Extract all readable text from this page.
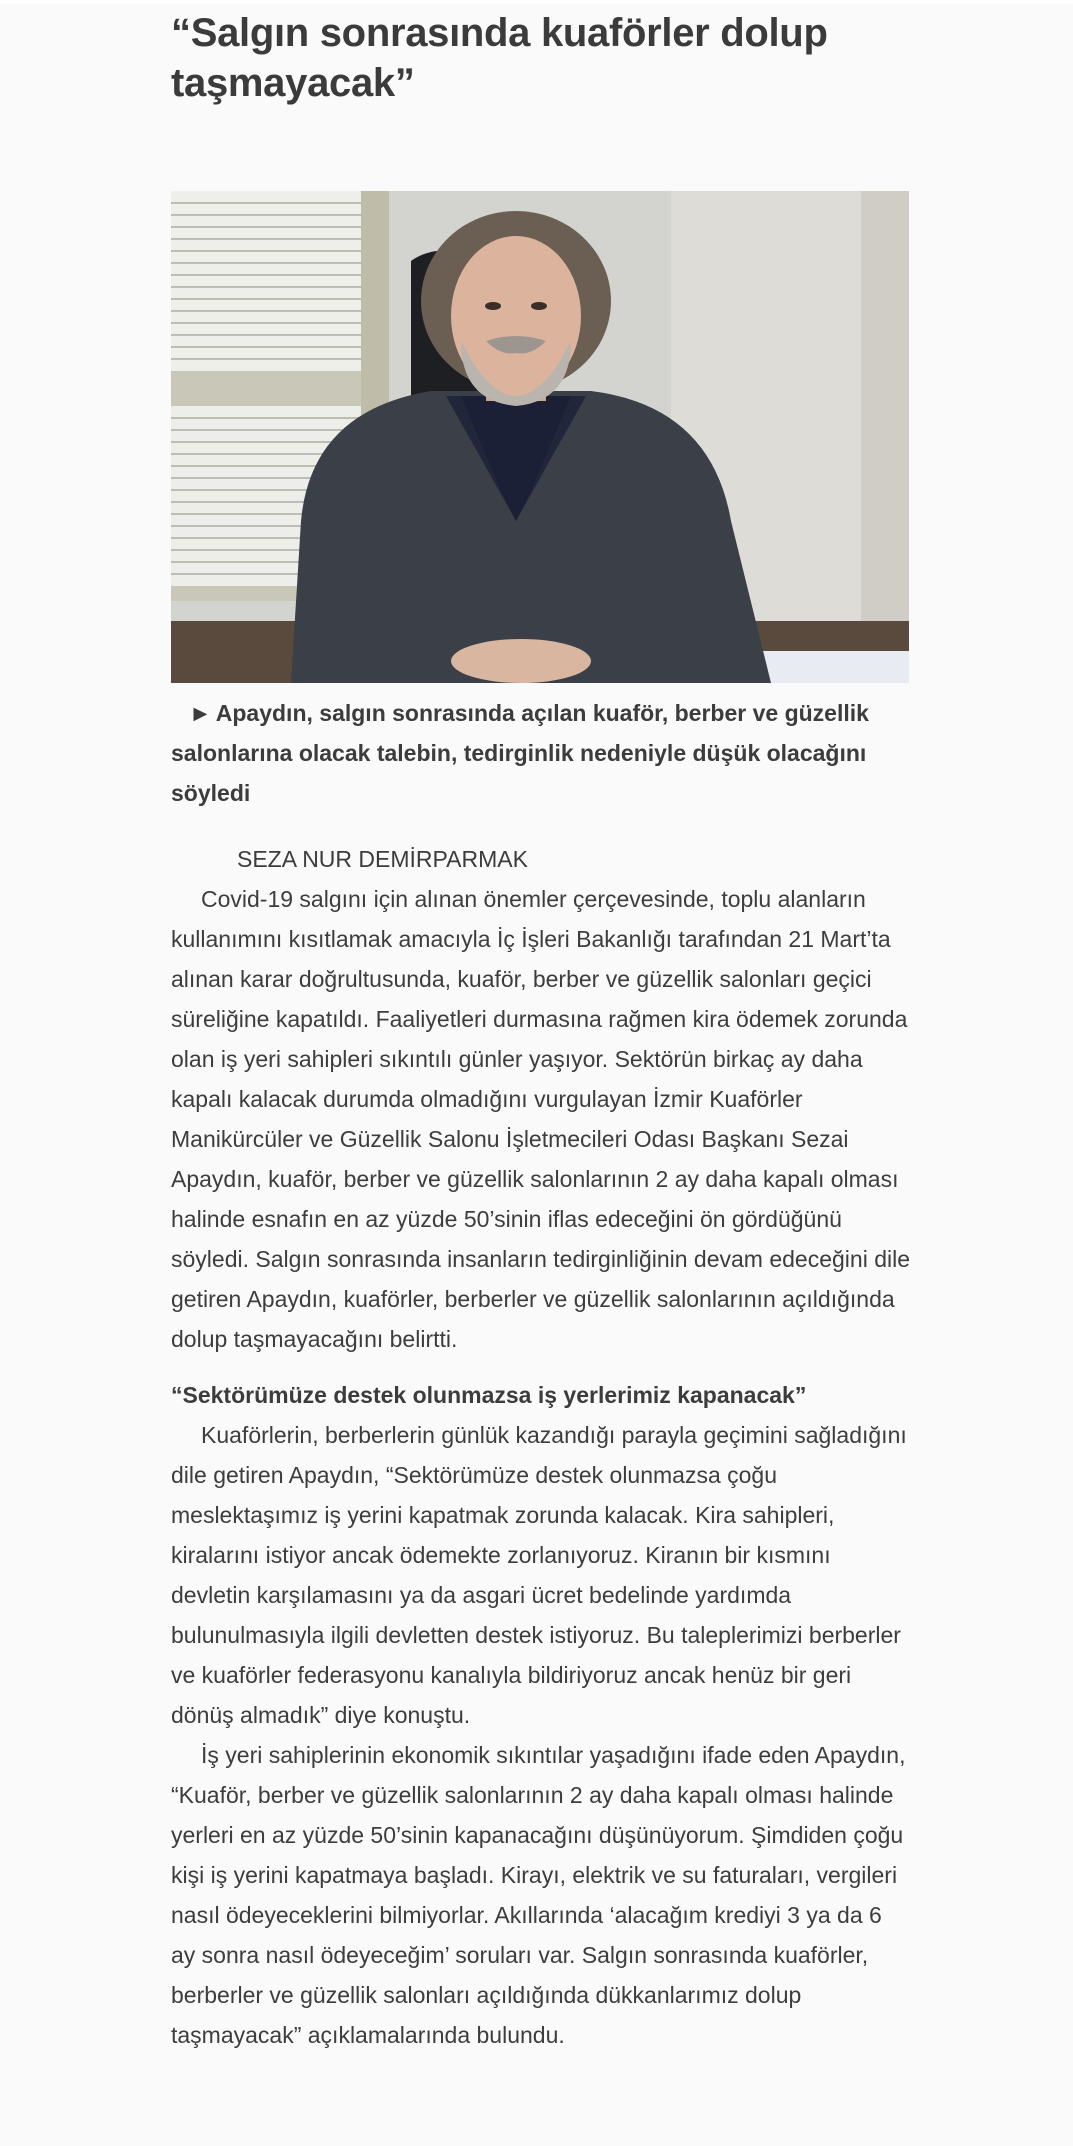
“Salgın sonrasında kuaförler dolup taşmayacak”

► Apaydın, salgın sonrasında açılan kuaför, berber ve güzellik salonlarına olacak talebin, tedirginlik nedeniyle düşük olacağını söyledi

SEZA NUR DEMİRPARMAK

Covid-19 salgını için alınan önemler çerçevesinde, toplu alanların kullanımını kısıtlamak amacıyla İç İşleri Bakanlığı tarafından 21 Mart’ta alınan karar doğrultusunda, kuaför, berber ve güzellik salonları geçici süreliğine kapatıldı. Faaliyetleri durmasına rağmen kira ödemek zorunda olan iş yeri sahipleri sıkıntılı günler yaşıyor. Sektörün birkaç ay daha kapalı kalacak durumda olmadığını vurgulayan İzmir Kuaförler Manikürcüler ve Güzellik Salonu İşletmecileri Odası Başkanı Sezai Apaydın, kuaför, berber ve güzellik salonlarının 2 ay daha kapalı olması halinde esnafın en az yüzde 50’sinin iflas edeceğini ön gördüğünü söyledi. Salgın sonrasında insanların tedirginliğinin devam edeceğini dile getiren Apaydın, kuaförler, berberler ve güzellik salonlarının açıldığında dolup taşmayacağını belirtti.

“Sektörümüze destek olunmazsa iş yerlerimiz kapanacak”

Kuaförlerin, berberlerin günlük kazandığı parayla geçimini sağladığını dile getiren Apaydın, “Sektörümüze destek olunmazsa çoğu meslektaşımız iş yerini kapatmak zorunda kalacak. Kira sahipleri, kiralarını istiyor ancak ödemekte zorlanıyoruz. Kiranın bir kısmını devletin karşılamasını ya da asgari ücret bedelinde yardımda bulunulmasıyla ilgili devletten destek istiyoruz. Bu taleplerimizi berberler ve kuaförler federasyonu kanalıyla bildiriyoruz ancak henüz bir geri dönüş almadık” diye konuştu.

İş yeri sahiplerinin ekonomik sıkıntılar yaşadığını ifade eden Apaydın, “Kuaför, berber ve güzellik salonlarının 2 ay daha kapalı olması halinde yerleri en az yüzde 50’sinin kapanacağını düşünüyorum. Şimdiden çoğu kişi iş yerini kapatmaya başladı. Kirayı, elektrik ve su faturaları, vergileri nasıl ödeyeceklerini bilmiyorlar. Akıllarında ‘alacağım krediyi 3 ya da 6 ay sonra nasıl ödeyeceğim’ soruları var. Salgın sonrasında kuaförler, berberler ve güzellik salonları açıldığında dükkanlarımız dolup taşmayacak” açıklamalarında bulundu.
